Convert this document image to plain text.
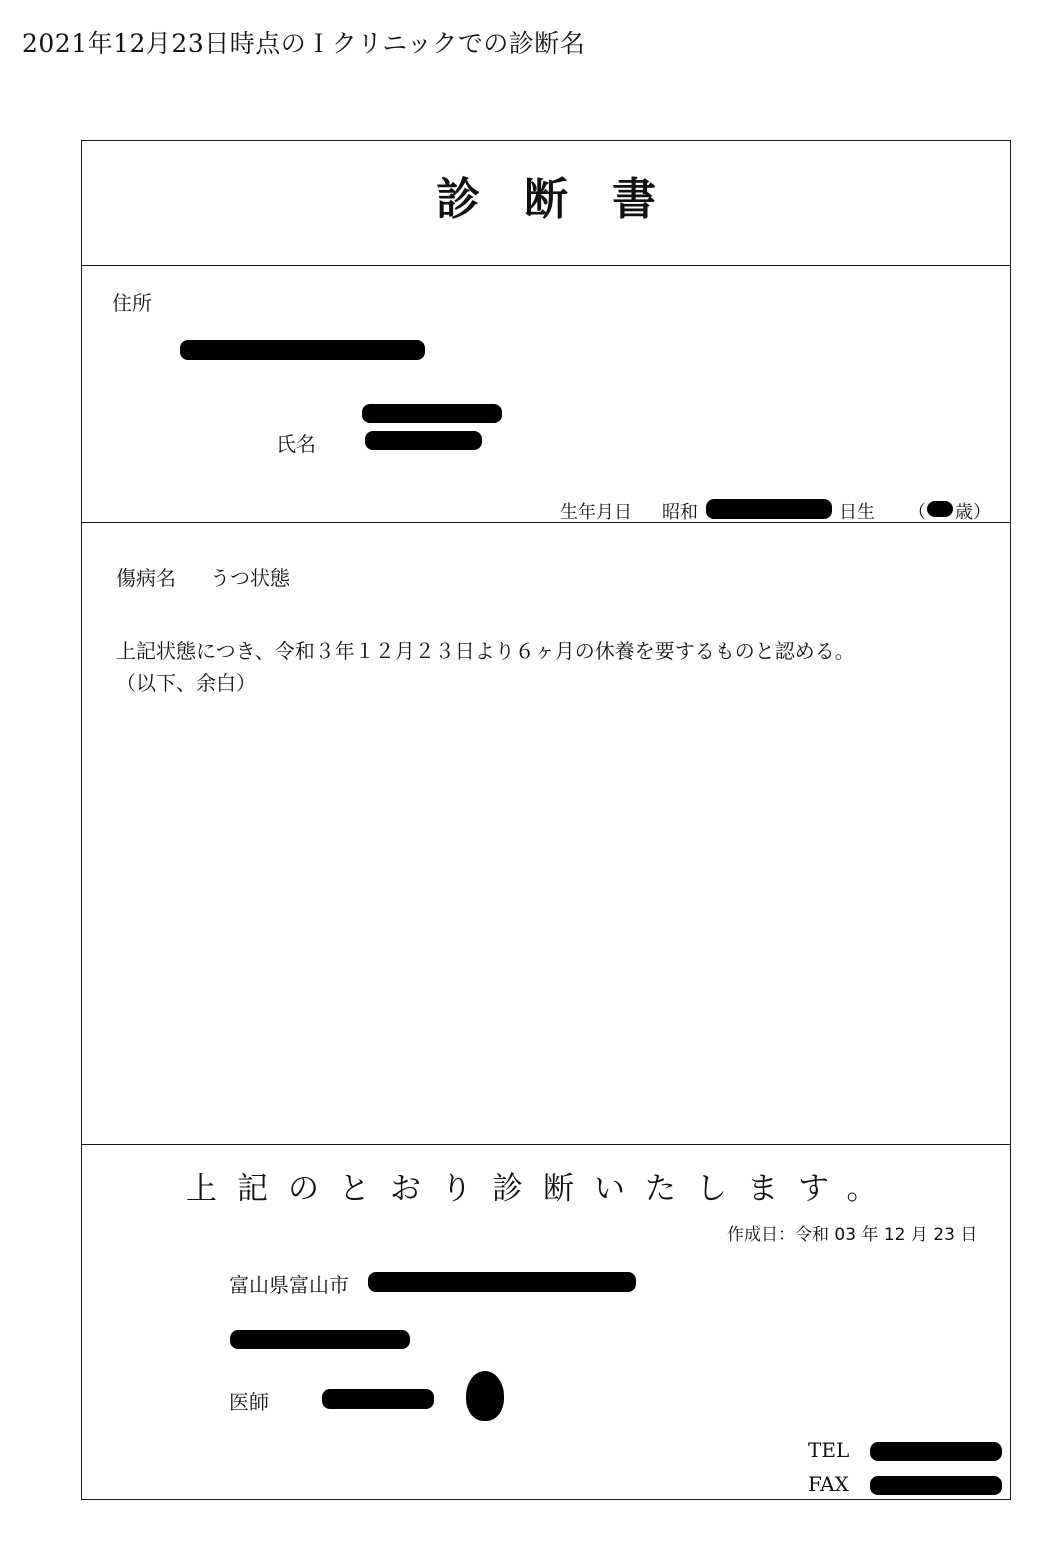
2021年12月23日時点のＩクリニックでの診断名
診断書
住所
氏名
生年月日 昭和	日生 （ 歳）
傷病名 うつ状態
上記状態につき、令和３年１２月２３日より６ヶ月の休養を要するものと認める。
（以下、余白）
上記のとおり診断いたします。
作成日：令和 03 年 12 月 23 日
富山県富山市
医師
TEL
FAX
